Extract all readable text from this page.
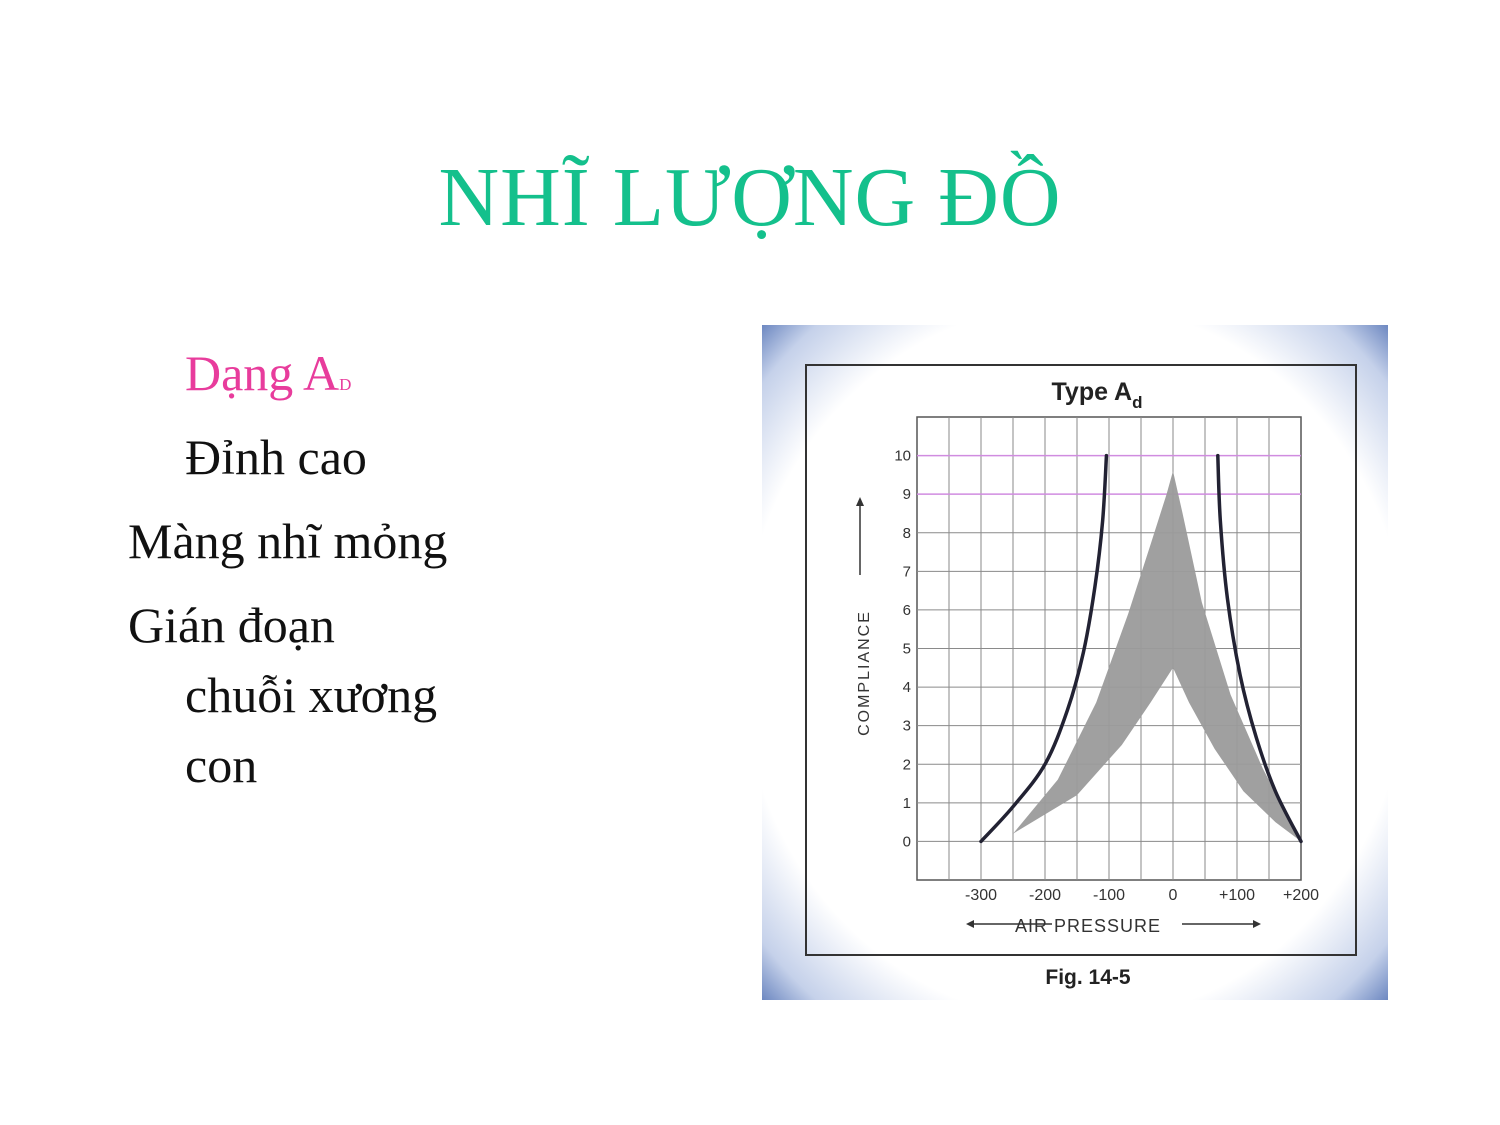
NHĨ LƯỢNG ĐỒ
Dạng AD
Đỉnh cao
Màng nhĩ mỏng
Gián đoạn
chuỗi xương
con
-300 -200 -100	0	+100 +200
0
1
2
3
4
5
6
7
8
9
10
Type $A_d$
AIR PRESSURE
COMPLIANCE
Fig. 14-5
